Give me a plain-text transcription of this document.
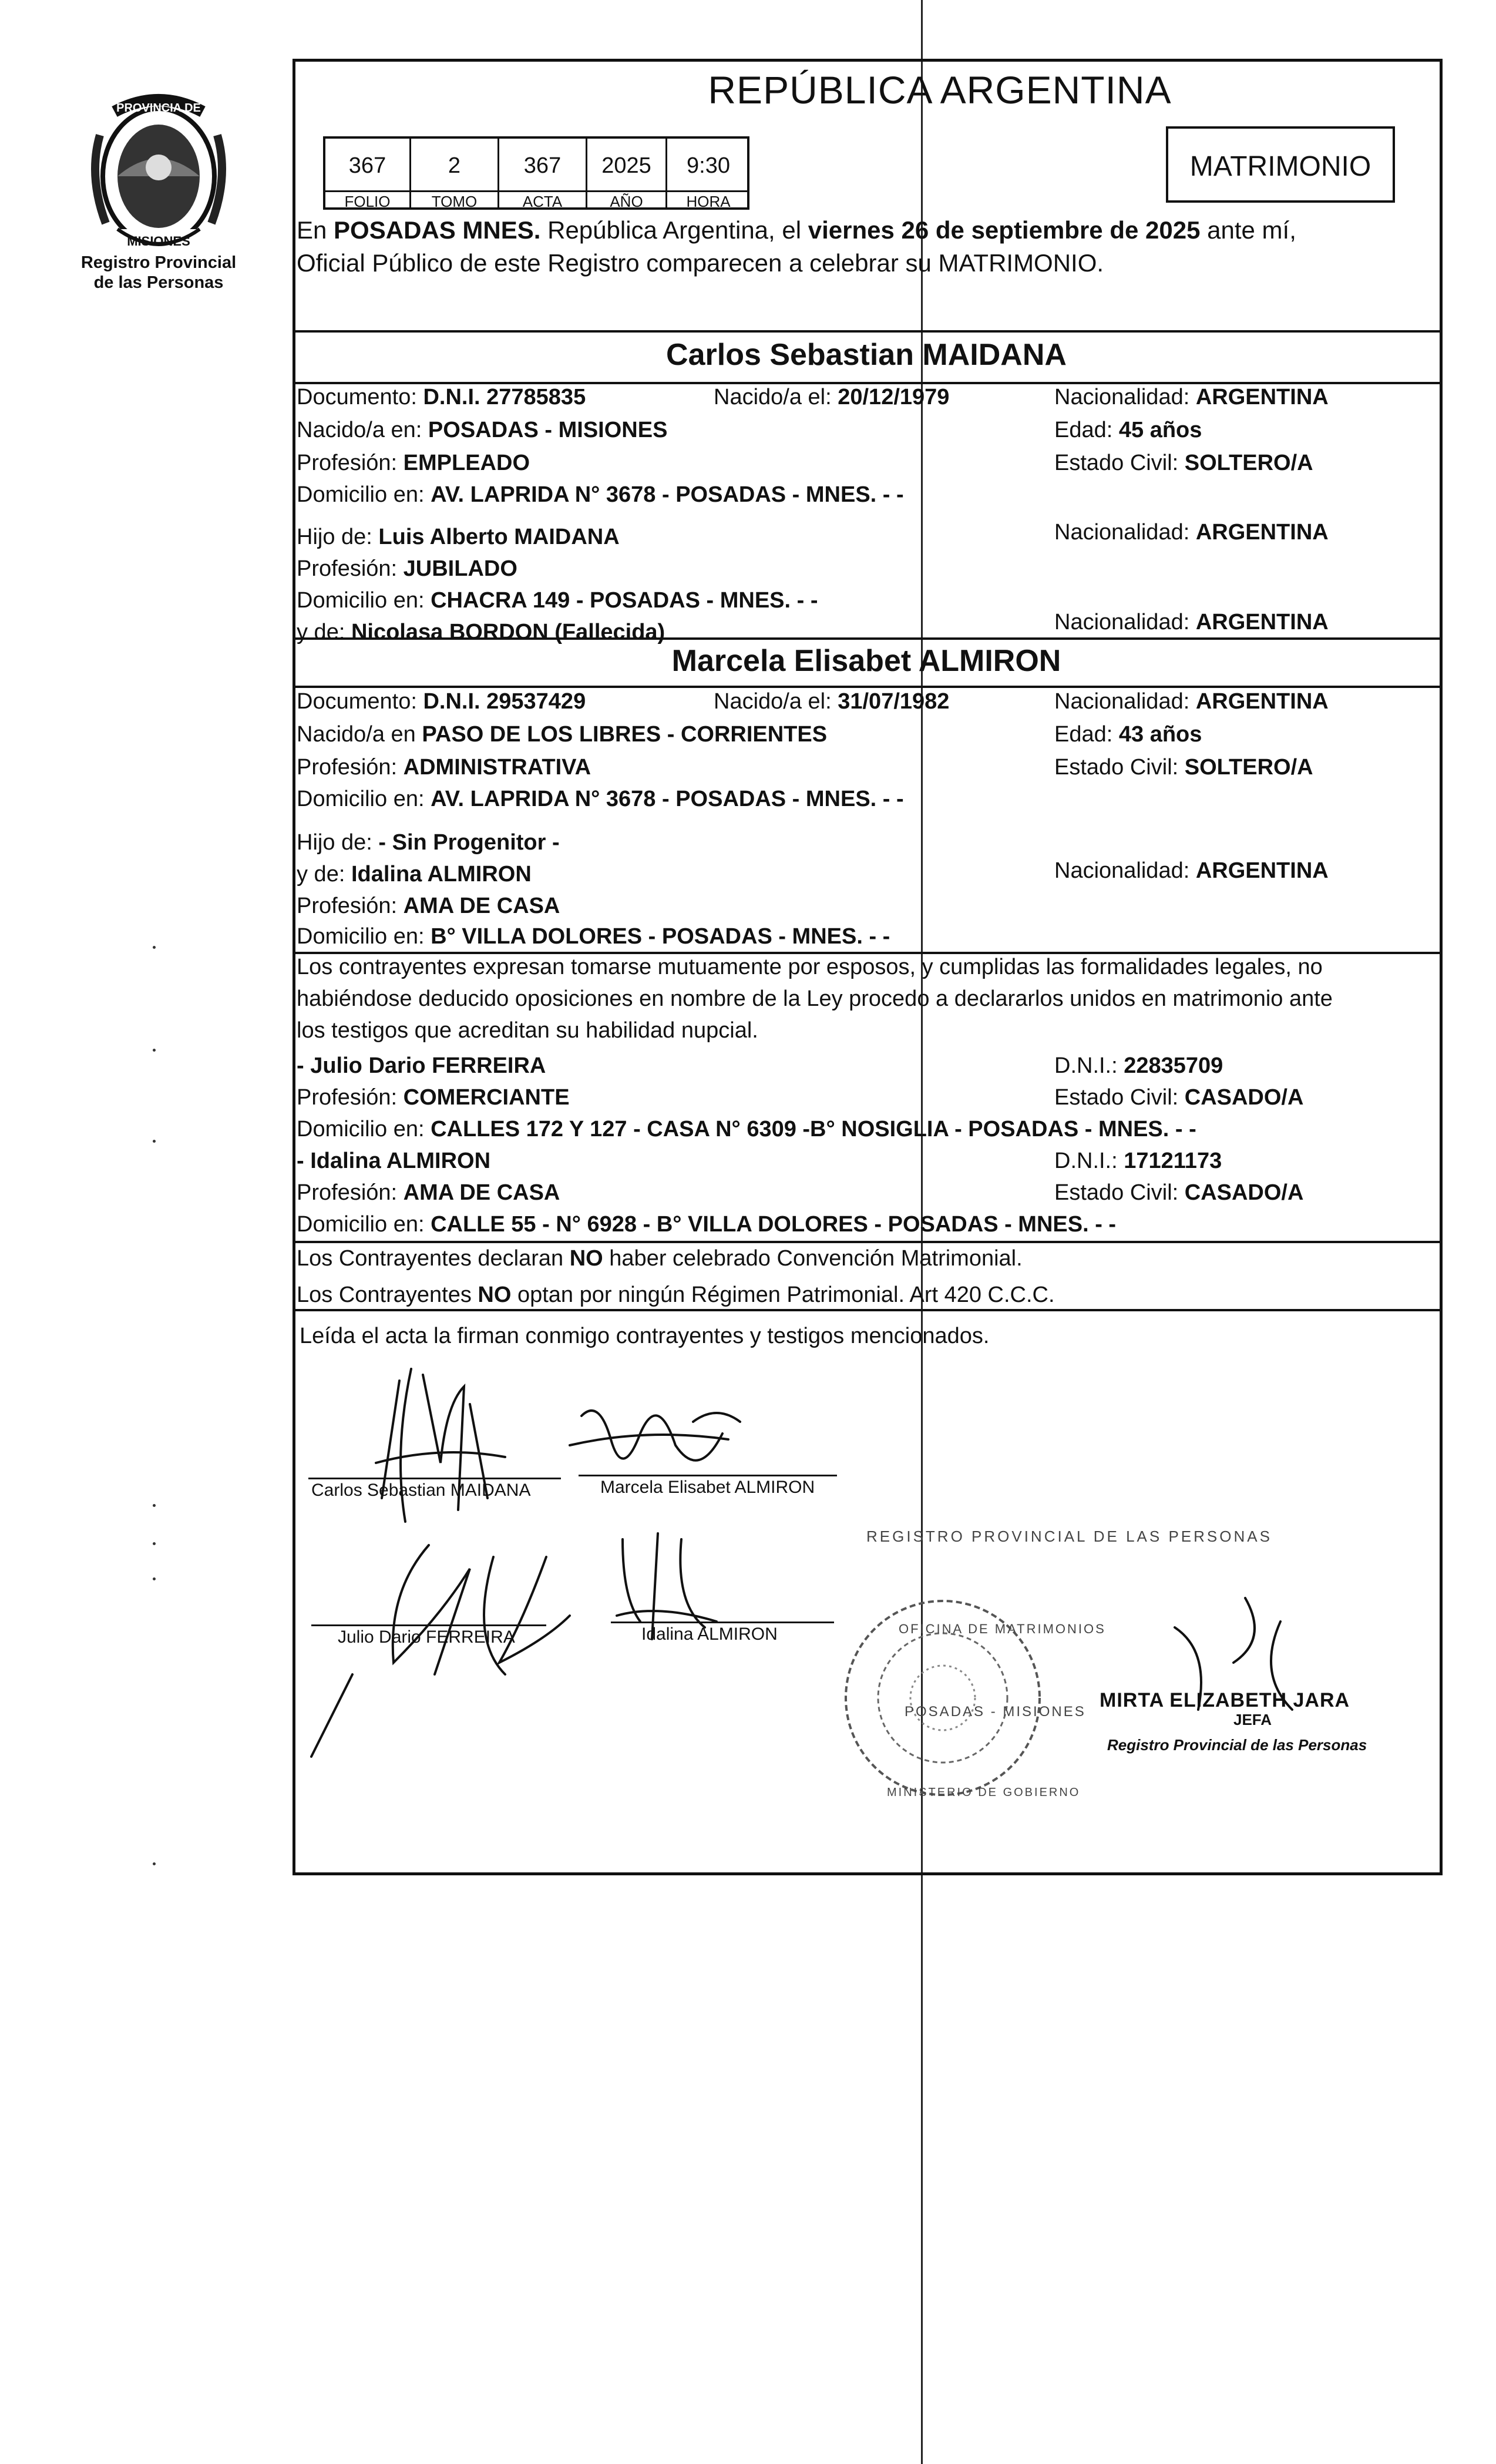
PROVINCIA DE
MISIONES
Registro Provincial
de las Personas
REPÚBLICA ARGENTINA
367	2	367	2025	9:30
FOLIO	TOMO	ACTA	AÑO	HORA
MATRIMONIO
En POSADAS MNES. República Argentina, el viernes 26 de septiembre de 2025 ante mí,
Oficial Público de este Registro comparecen a celebrar su MATRIMONIO.
Carlos Sebastian MAIDANA
Documento: D.N.I. 27785835	Nacido/a el: 20/12/1979	Nacionalidad: ARGENTINA
Nacido/a en: POSADAS - MISIONES	Edad: 45 años
Profesión: EMPLEADO	Estado Civil: SOLTERO/A
Domicilio en: AV. LAPRIDA N° 3678 - POSADAS - MNES. - -
Hijo de: Luis Alberto MAIDANA	Nacionalidad: ARGENTINA
Profesión: JUBILADO
Domicilio en: CHACRA 149 - POSADAS - MNES. - -
y de: Nicolasa BORDON (Fallecida)	Nacionalidad: ARGENTINA
Marcela Elisabet ALMIRON
Documento: D.N.I. 29537429	Nacido/a el: 31/07/1982	Nacionalidad: ARGENTINA
Nacido/a en PASO DE LOS LIBRES - CORRIENTES	Edad: 43 años
Profesión: ADMINISTRATIVA	Estado Civil: SOLTERO/A
Domicilio en: AV. LAPRIDA N° 3678 - POSADAS - MNES. - -
Hijo de: - Sin Progenitor -
y de: Idalina ALMIRON	Nacionalidad: ARGENTINA
Profesión: AMA DE CASA
Domicilio en: B° VILLA DOLORES - POSADAS - MNES. - -
Los contrayentes expresan tomarse mutuamente por esposos, y cumplidas las formalidades legales, no
habiéndose deducido oposiciones en nombre de la Ley procedo a declararlos unidos en matrimonio ante
los testigos que acreditan su habilidad nupcial.
- Julio Dario FERREIRA	D.N.I.: 22835709
Profesión: COMERCIANTE	Estado Civil: CASADO/A
Domicilio en: CALLES 172 Y 127 - CASA N° 6309 -B° NOSIGLIA - POSADAS - MNES. - -
- Idalina ALMIRON	D.N.I.: 17121173
Profesión: AMA DE CASA	Estado Civil: CASADO/A
Domicilio en: CALLE 55 - N° 6928 - B° VILLA DOLORES - POSADAS - MNES. - -
Los Contrayentes declaran NO haber celebrado Convención Matrimonial.
Los Contrayentes NO optan por ningún Régimen Patrimonial. Art 420 C.C.C.
Leída el acta la firman conmigo contrayentes y testigos mencionados.
REGISTRO PROVINCIAL DE LAS PERSONAS
OFICINA DE MATRIMONIOS
POSADAS - MISIONES
MINISTERIO DE GOBIERNO
Carlos Sebastian MAIDANA	Marcela Elisabet ALMIRON
Julio Dario FERREIRA	Idalina ALMIRON
MIRTA ELIZABETH JARA
JEFA
Registro Provincial de las Personas
